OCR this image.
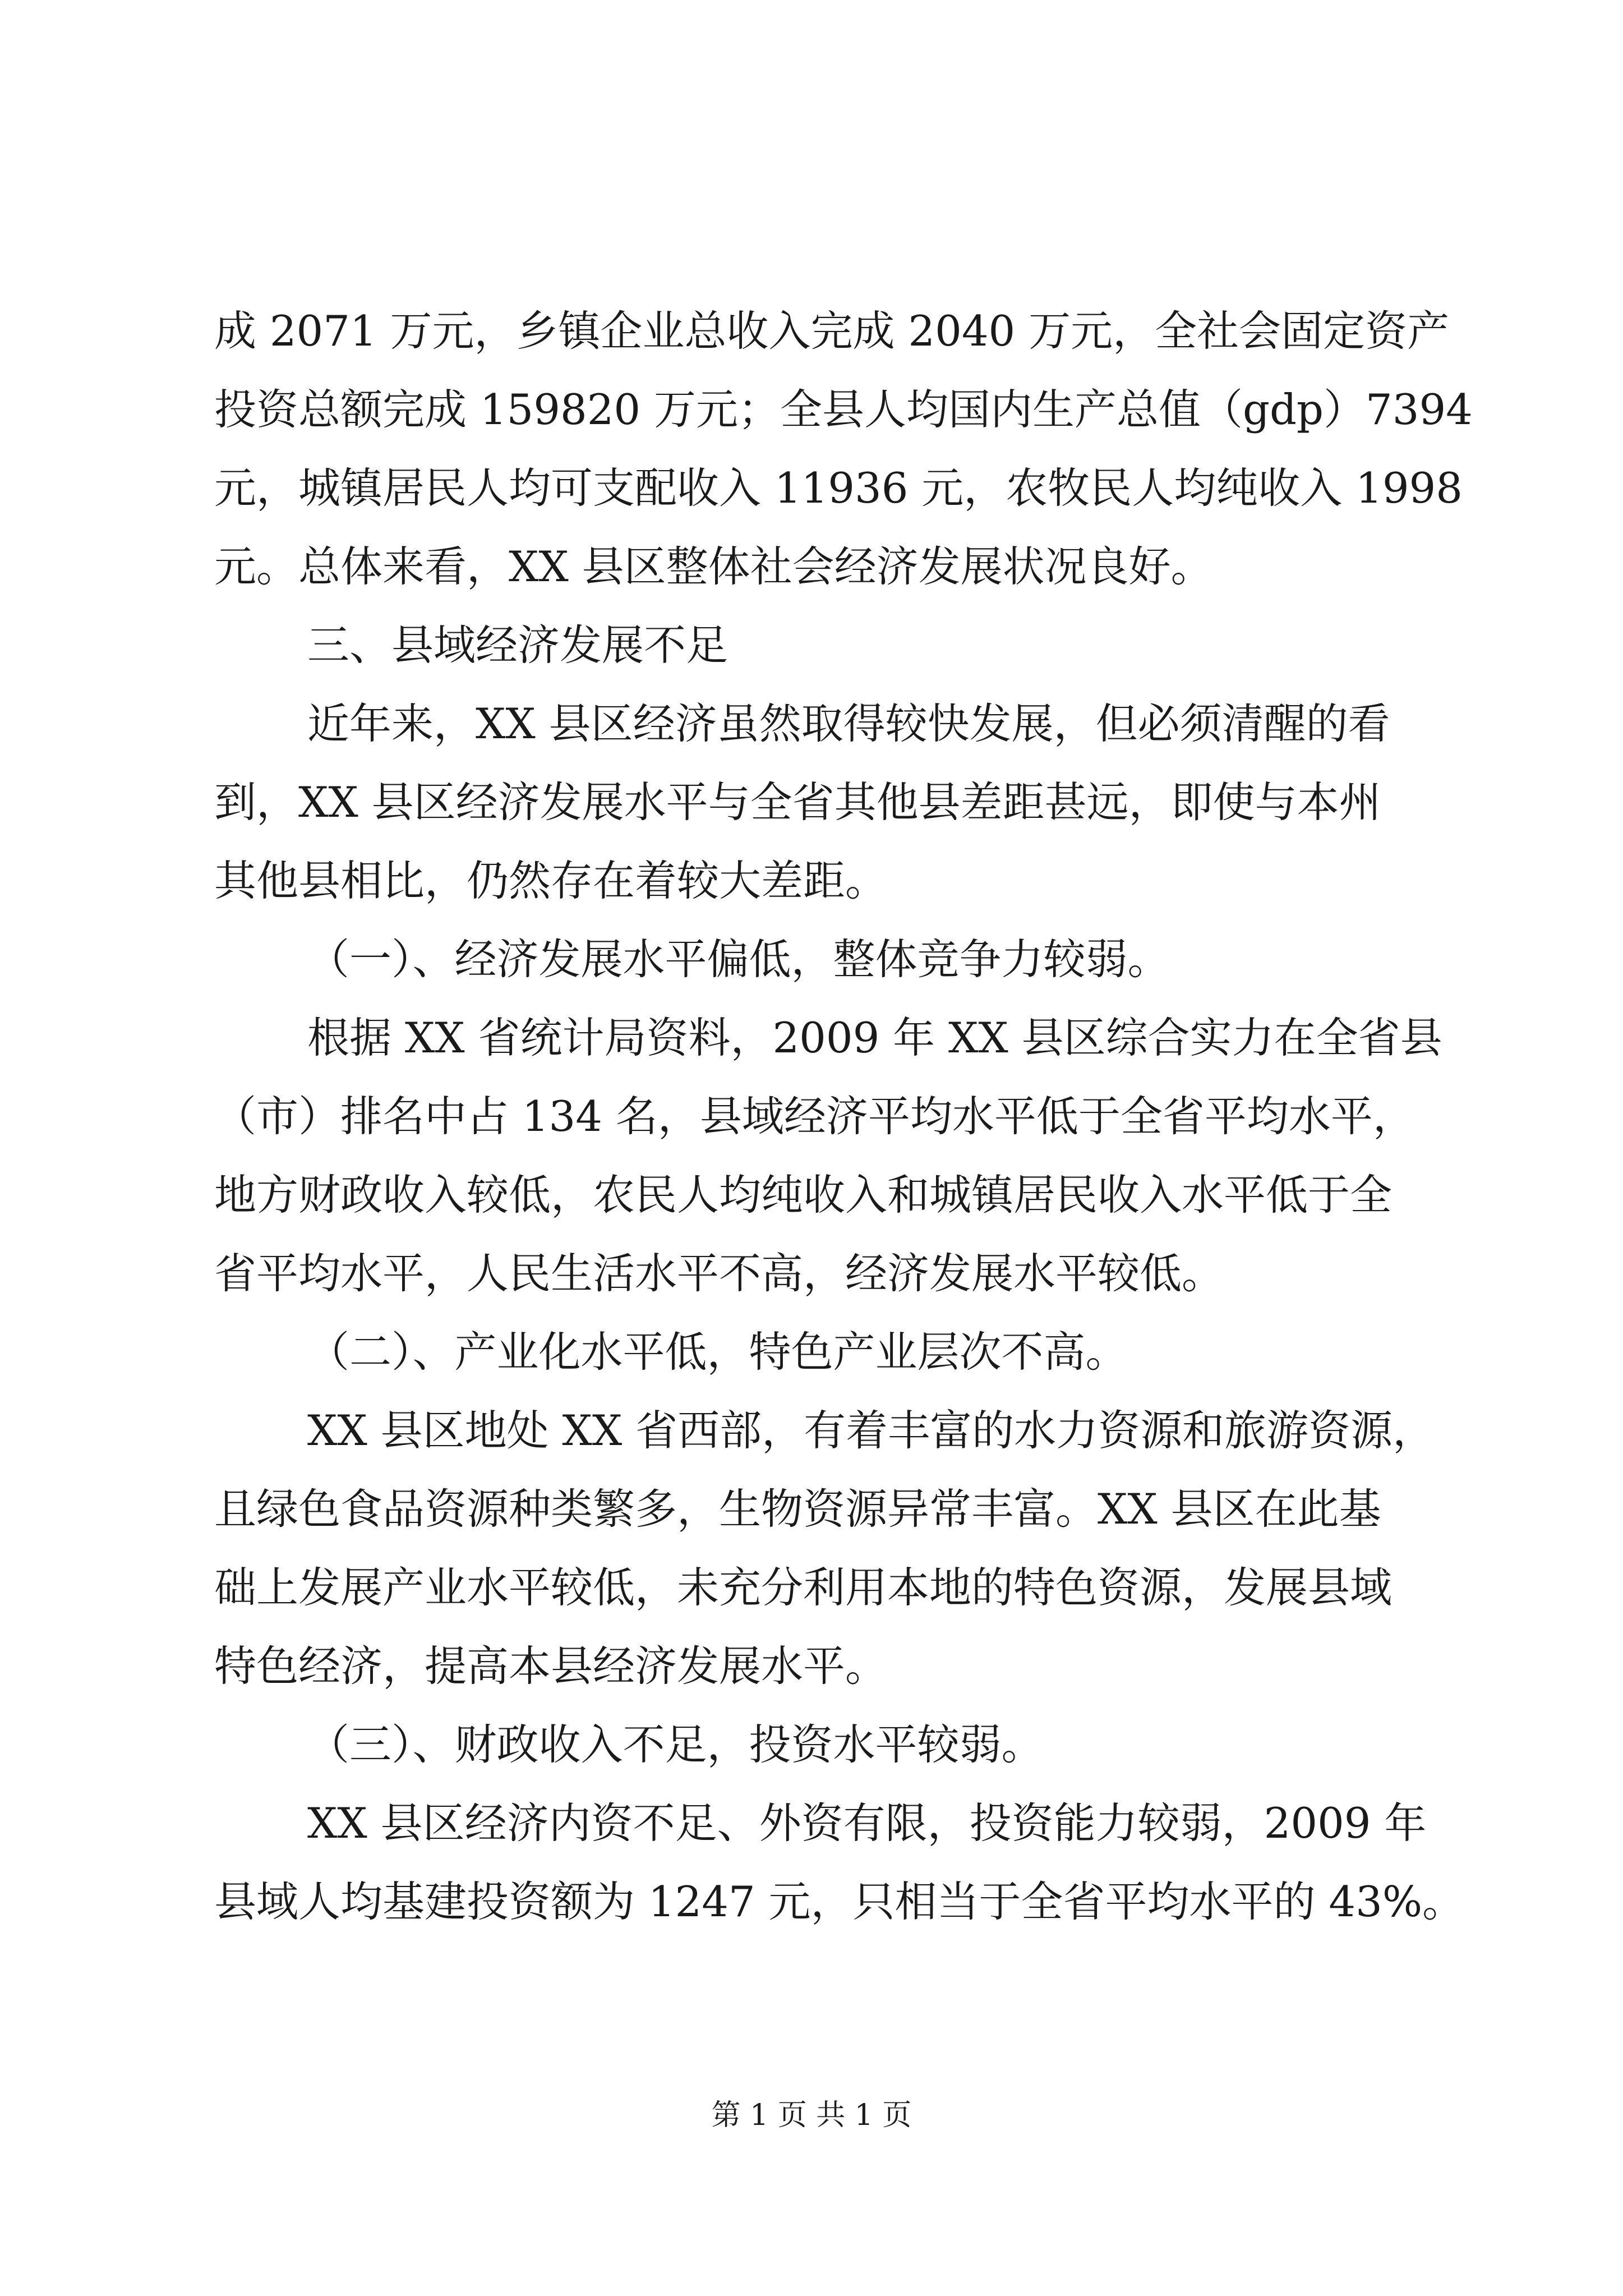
成 2071 万元，乡镇企业总收入完成 2040 万元，全社会固定资产
投资总额完成 159820 万元；全县人均国内生产总值（gdp）7394
元，城镇居民人均可支配收入 11936 元，农牧民人均纯收入 1998
元。总体来看，XX 县区整体社会经济发展状况良好。
三、县域经济发展不足
近年来，XX 县区经济虽然取得较快发展，但必须清醒的看
到，XX 县区经济发展水平与全省其他县差距甚远，即使与本州
其他县相比，仍然存在着较大差距。
（一）、经济发展水平偏低，整体竞争力较弱。
根据 XX 省统计局资料，2009 年 XX 县区综合实力在全省县
（市）排名中占 134 名，县域经济平均水平低于全省平均水平，
地方财政收入较低，农民人均纯收入和城镇居民收入水平低于全
省平均水平，人民生活水平不高，经济发展水平较低。
（二）、产业化水平低，特色产业层次不高。
XX 县区地处 XX 省西部，有着丰富的水力资源和旅游资源，
且绿色食品资源种类繁多，生物资源异常丰富。XX 县区在此基
础上发展产业水平较低，未充分利用本地的特色资源，发展县域
特色经济，提高本县经济发展水平。
（三）、财政收入不足，投资水平较弱。
XX 县区经济内资不足、外资有限，投资能力较弱，2009 年
县域人均基建投资额为 1247 元，只相当于全省平均水平的 43%。
第 1 页 共 1 页
